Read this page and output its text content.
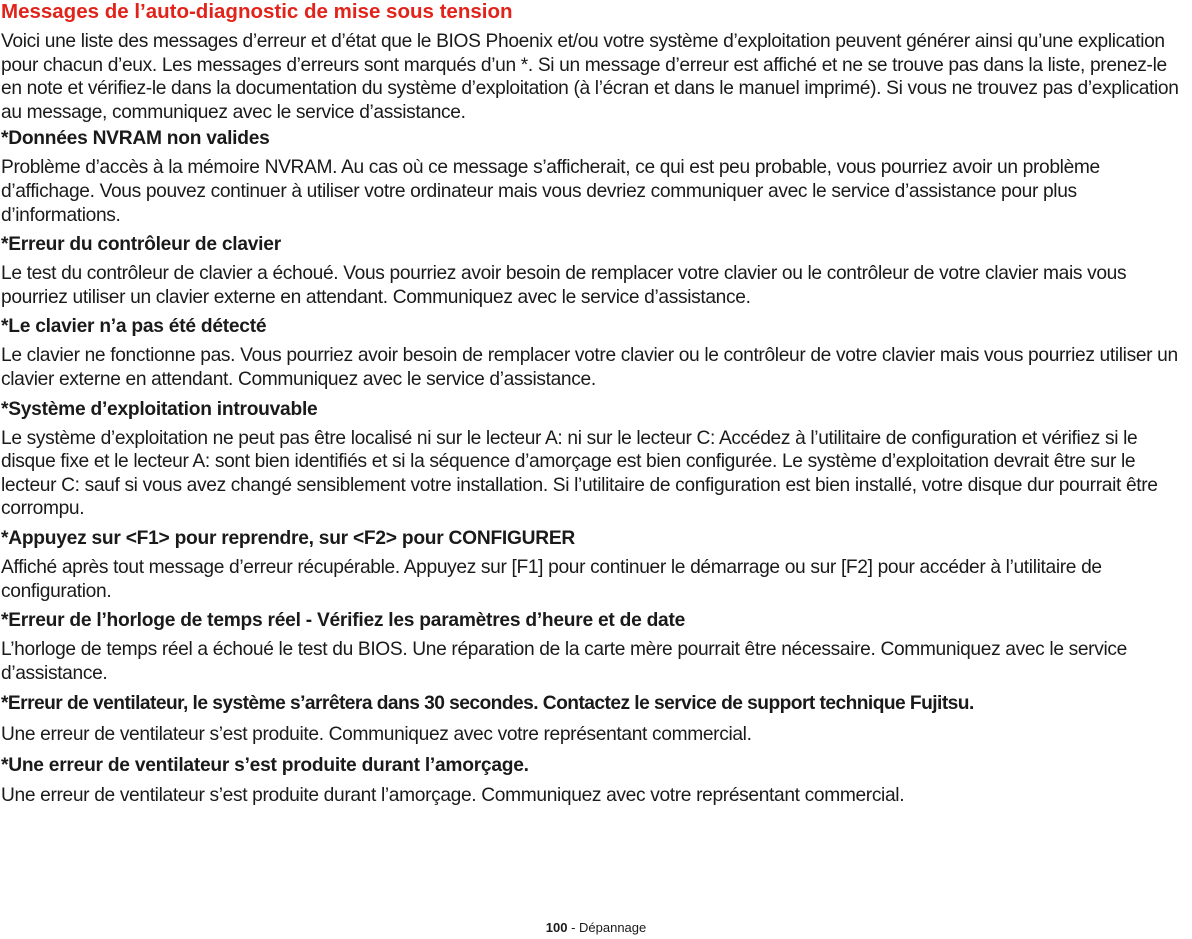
Messages de l’auto-diagnostic de mise sous tension

Voici une liste des messages d’erreur et d’état que le BIOS Phoenix et/ou votre système d’exploitation peuvent générer ainsi qu’une explication pour chacun d’eux. Les messages d’erreurs sont marqués d’un *. Si un message d’erreur est affiché et ne se trouve pas dans la liste, prenez-le en note et vérifiez-le dans la documentation du système d’exploitation (à l’écran et dans le manuel imprimé). Si vous ne trouvez pas d’explication au message, communiquez avec le service d’assistance.

*Données NVRAM non valides

Problème d’accès à la mémoire NVRAM. Au cas où ce message s’afficherait, ce qui est peu probable, vous pourriez avoir un problème d’affichage. Vous pouvez continuer à utiliser votre ordinateur mais vous devriez communiquer avec le service d’assistance pour plus d’informations.

*Erreur du contrôleur de clavier

Le test du contrôleur de clavier a échoué. Vous pourriez avoir besoin de remplacer votre clavier ou le contrôleur de votre clavier mais vous pourriez utiliser un clavier externe en attendant. Communiquez avec le service d’assistance.

*Le clavier n’a pas été détecté

Le clavier ne fonctionne pas. Vous pourriez avoir besoin de remplacer votre clavier ou le contrôleur de votre clavier mais vous pourriez utiliser un clavier externe en attendant. Communiquez avec le service d’assistance.

*Système d’exploitation introuvable

Le système d’exploitation ne peut pas être localisé ni sur le lecteur A: ni sur le lecteur C: Accédez à l’utilitaire de configuration et vérifiez si le disque fixe et le lecteur A: sont bien identifiés et si la séquence d’amorçage est bien configurée. Le système d’exploitation devrait être sur le lecteur C: sauf si vous avez changé sensiblement votre installation. Si l’utilitaire de configuration est bien installé, votre disque dur pourrait être corrompu.

*Appuyez sur <F1> pour reprendre, sur <F2> pour CONFIGURER

Affiché après tout message d’erreur récupérable. Appuyez sur [F1] pour continuer le démarrage ou sur [F2] pour accéder à l’utilitaire de configuration.

*Erreur de l’horloge de temps réel - Vérifiez les paramètres d’heure et de date

L’horloge de temps réel a échoué le test du BIOS. Une réparation de la carte mère pourrait être nécessaire. Communiquez avec le service d’assistance.

*Erreur de ventilateur, le système s’arrêtera dans 30 secondes. Contactez le service de support technique Fujitsu.

Une erreur de ventilateur s’est produite. Communiquez avec votre représentant commercial.

*Une erreur de ventilateur s’est produite durant l’amorçage.

Une erreur de ventilateur s’est produite durant l’amorçage. Communiquez avec votre représentant commercial.

100 - Dépannage
